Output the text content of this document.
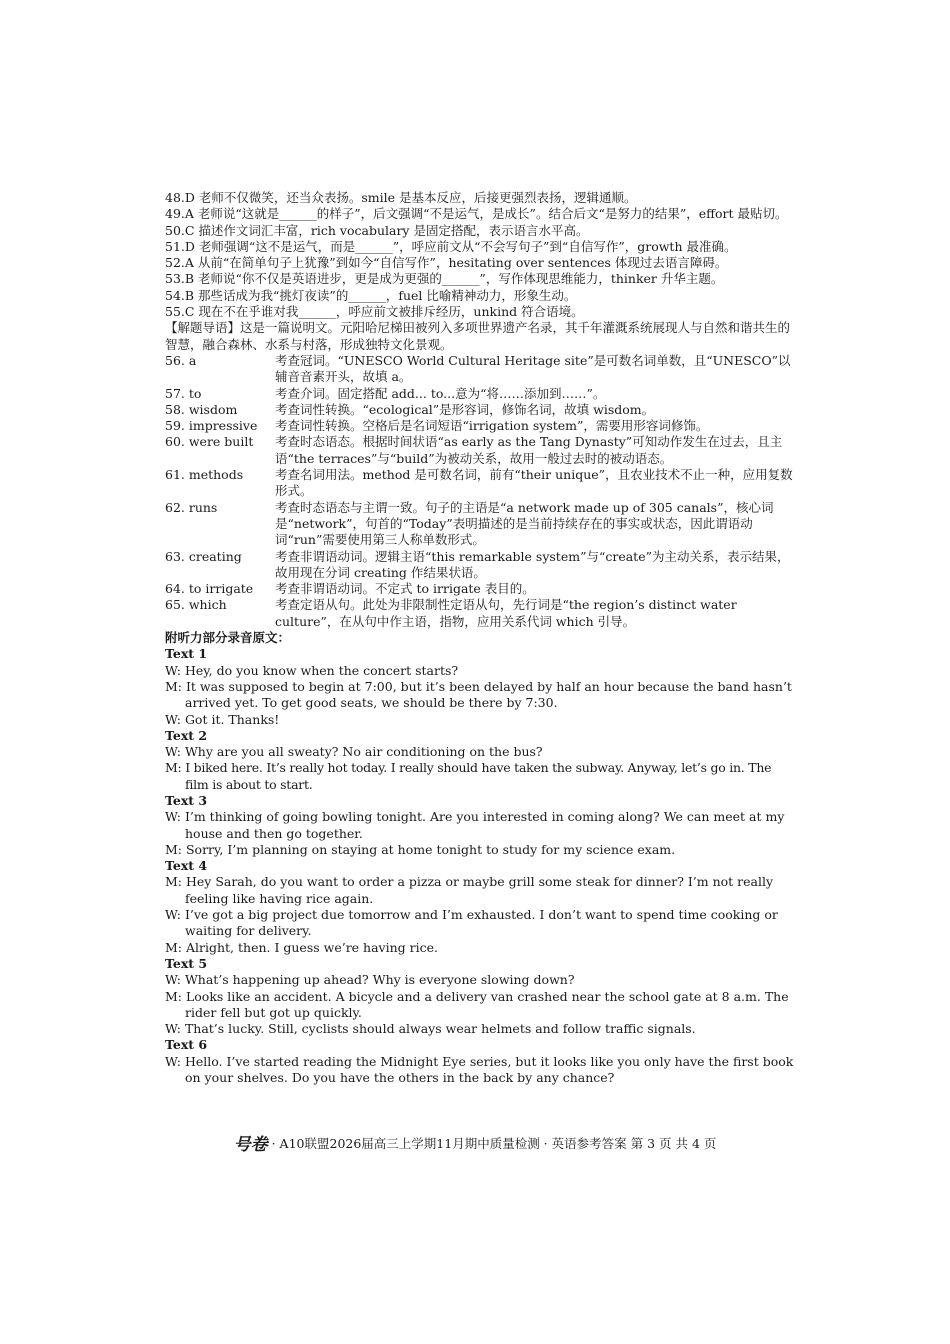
48.D 老师不仅微笑，还当众表扬。smile 是基本反应，后接更强烈表扬，逻辑通顺。
49.A 老师说“这就是______的样子”，后文强调“不是运气，是成长”。结合后文“是努力的结果”，effort 最贴切。
50.C 描述作文词汇丰富，rich vocabulary 是固定搭配，表示语言水平高。
51.D 老师强调“这不是运气，而是______”，呼应前文从“不会写句子”到“自信写作”，growth 最准确。
52.A 从前“在简单句子上犹豫”到如今“自信写作”，hesitating over sentences 体现过去语言障碍。
53.B 老师说“你不仅是英语进步，更是成为更强的______”，写作体现思维能力，thinker 升华主题。
54.B 那些话成为我“挑灯夜读”的______，fuel 比喻精神动力，形象生动。
55.C 现在不在乎谁对我______，呼应前文被排斥经历，unkind 符合语境。
【解题导语】这是一篇说明文。元阳哈尼梯田被列入多项世界遗产名录，其千年灌溉系统展现人与自然和谐共生的智慧，融合森林、水系与村落，形成独特文化景观。
56. a	考查冠词。“UNESCO World Cultural Heritage site”是可数名词单数，且“UNESCO”以辅音音素开头，故填 a。
57. to	考查介词。固定搭配 add... to...意为“将……添加到……”。
58. wisdom	考查词性转换。“ecological”是形容词，修饰名词，故填 wisdom。
59. impressive	考查词性转换。空格后是名词短语“irrigation system”，需要用形容词修饰。
60. were built	考查时态语态。根据时间状语“as early as the Tang Dynasty”可知动作发生在过去，且主语“the terraces”与“build”为被动关系，故用一般过去时的被动语态。
61. methods	考查名词用法。method 是可数名词，前有“their unique”，且农业技术不止一种，应用复数形式。
62. runs	考查时态语态与主谓一致。句子的主语是“a network made up of 305 canals”，核心词是“network”，句首的“Today”表明描述的是当前持续存在的事实或状态，因此谓语动词“run”需要使用第三人称单数形式。
63. creating	考查非谓语动词。逻辑主语“this remarkable system”与“create”为主动关系，表示结果，故用现在分词 creating 作结果状语。
64. to irrigate	考查非谓语动词。不定式 to irrigate 表目的。
65. which	考查定语从句。此处为非限制性定语从句，先行词是“the region’s distinct water culture”，在从句中作主语，指物，应用关系代词 which 引导。
附听力部分录音原文：
Text 1
W: Hey, do you know when the concert starts?
M: It was supposed to begin at 7:00, but it’s been delayed by half an hour because the band hasn’t arrived yet. To get good seats, we should be there by 7:30.
W: Got it. Thanks!
Text 2
W: Why are you all sweaty? No air conditioning on the bus?
M: I biked here. It’s really hot today. I really should have taken the subway. Anyway, let’s go in. The film is about to start.
Text 3
W: I’m thinking of going bowling tonight. Are you interested in coming along? We can meet at my house and then go together.
M: Sorry, I’m planning on staying at home tonight to study for my science exam.
Text 4
M: Hey Sarah, do you want to order a pizza or maybe grill some steak for dinner? I’m not really feeling like having rice again.
W: I’ve got a big project due tomorrow and I’m exhausted. I don’t want to spend time cooking or waiting for delivery.
M: Alright, then. I guess we’re having rice.
Text 5
W: What’s happening up ahead? Why is everyone slowing down?
M: Looks like an accident. A bicycle and a delivery van crashed near the school gate at 8 a.m. The rider fell but got up quickly.
W: That’s lucky. Still, cyclists should always wear helmets and follow traffic signals.
Text 6
W: Hello. I’ve started reading the Midnight Eye series, but it looks like you only have the first book on your shelves. Do you have the others in the back by any chance?
号卷 · A10联盟2026届高三上学期11月期中质量检测 · 英语参考答案 第 3 页 共 4 页
